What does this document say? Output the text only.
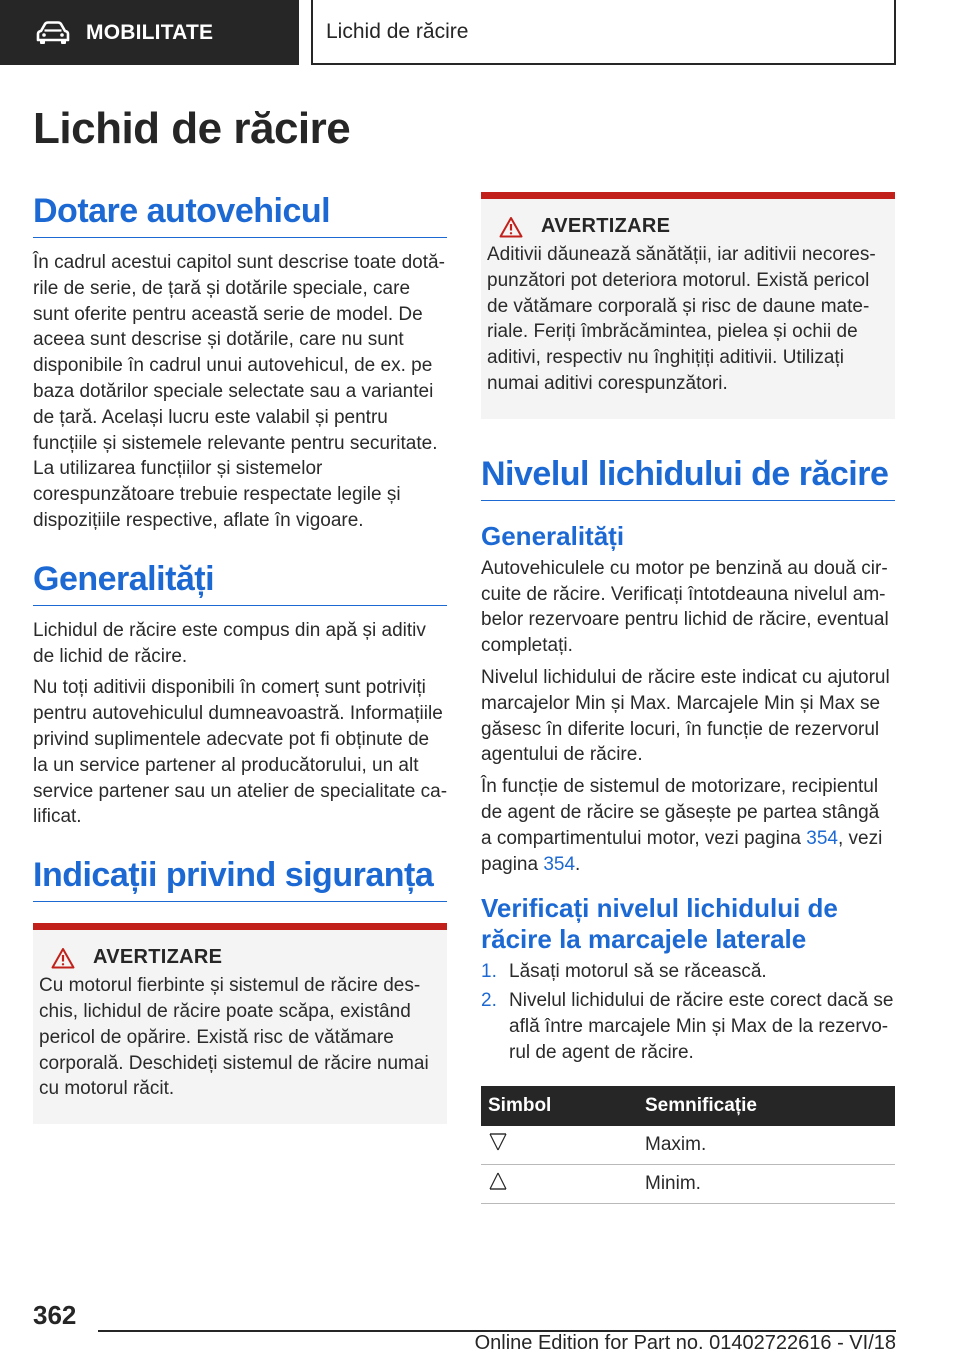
MOBILITATE	Lichid de răcire
Lichid de răcire
Dotare autovehicul

În cadrul acestui capitol sunt descrise toate dotările de serie, de țară și dotările speciale, care sunt oferite pentru această serie de model. De aceea sunt descrise și dotările, care nu sunt disponibile în cadrul unui autovehicul, de ex. pe baza dotărilor speciale selectate sau a variantei de țară. Același lucru este valabil și pentru funcțiile și sistemele relevante pentru securitate. La utilizarea funcțiilor și sistemelor corespunzătoare trebuie respectate legile și dispozițiile respective, aflate în vigoare.

Generalități

Lichidul de răcire este compus din apă și aditiv de lichid de răcire.

Nu toți aditivii disponibili în comerț sunt potriviți pentru autovehiculul dumneavoastră. Informațiile privind suplimentele adecvate pot fi obținute de la un service partener al producătorului, un alt service partener sau un atelier de specialitate calificat.

Indicații privind siguranța
AVERTIZARE

Cu motorul fierbinte și sistemul de răcire deschis, lichidul de răcire poate scăpa, existând pericol de opărire. Există risc de vătămare corporală. Deschideți sistemul de răcire numai cu motorul răcit.

AVERTIZARE

Aditivii dăunează sănătății, iar aditivii necorespunzători pot deteriora motorul. Există pericol de vătămare corporală și risc de daune materiale. Feriți îmbrăcămintea, pielea și ochii de aditivi, respectiv nu înghițiți aditivii. Utilizați numai aditivi corespunzători.

Nivelul lichidului de răcire
Generalități

Autovehiculele cu motor pe benzină au două circuite de răcire. Verificați întotdeauna nivelul ambelor rezervoare pentru lichid de răcire, eventual completați.

Nivelul lichidului de răcire este indicat cu ajutorul marcajelor Min și Max. Marcajele Min și Max se găsesc în diferite locuri, în funcție de rezervorul agentului de răcire.

În funcție de sistemul de motorizare, recipientul de agent de răcire se găsește pe partea stângă a compartimentului motor, vezi pagina 354, vezi pagina 354.

Verificați nivelul lichidului de răcire la marcajele laterale
1. Lăsați motorul să se răcească.
2. Nivelul lichidului de răcire este corect dacă se află între marcajele Min și Max de la rezervorul de agent de răcire.
Simbol	Semnificație
	Maxim.
	Minim.
362
Online Edition for Part no. 01402722616 - VI/18
